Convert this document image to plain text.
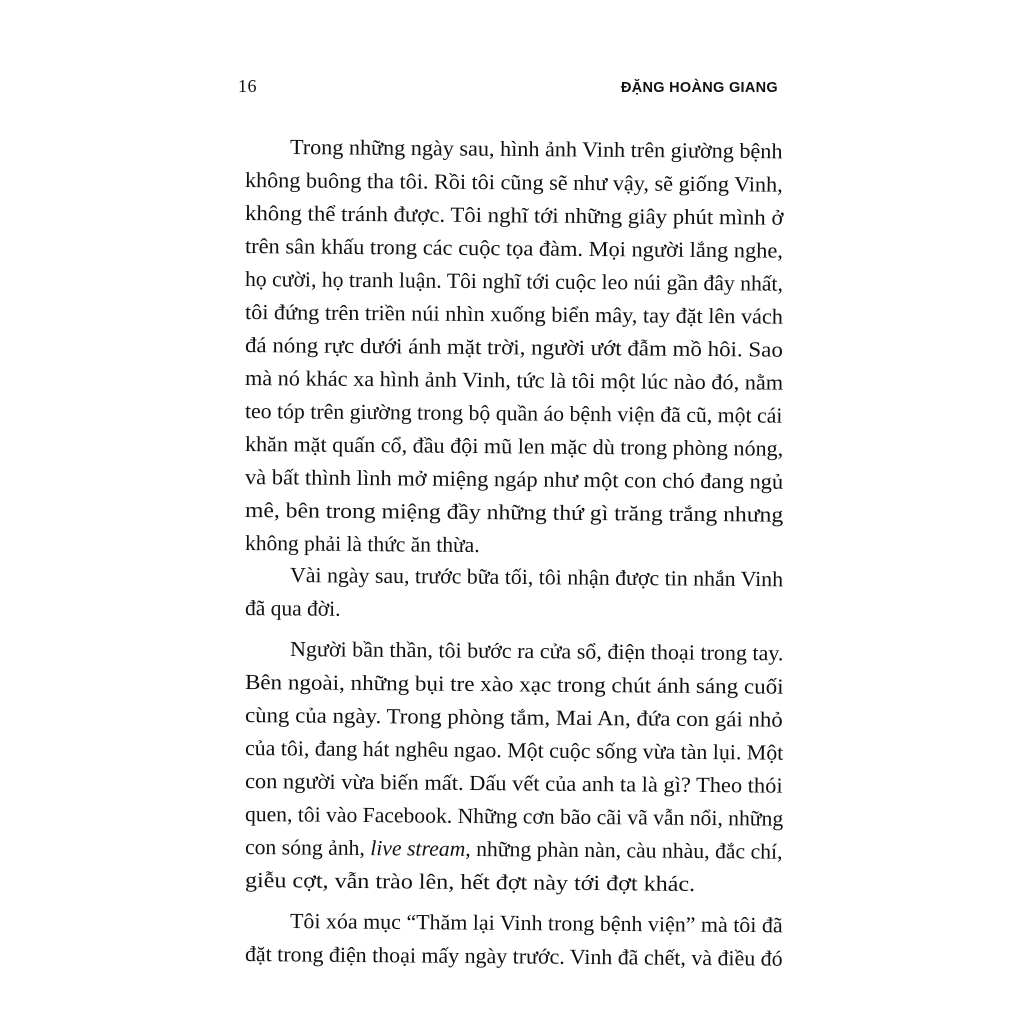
16	ĐẶNG HOÀNG GIANG
Trong những ngày sau, hình ảnh Vinh trên giường bệnh
không buông tha tôi. Rồi tôi cũng sẽ như vậy, sẽ giống Vinh,
không thể tránh được. Tôi nghĩ tới những giây phút mình ở
trên sân khấu trong các cuộc tọa đàm. Mọi người lắng nghe,
họ cười, họ tranh luận. Tôi nghĩ tới cuộc leo núi gần đây nhất,
tôi đứng trên triền núi nhìn xuống biển mây, tay đặt lên vách
đá nóng rực dưới ánh mặt trời, người ướt đẫm mồ hôi. Sao
mà nó khác xa hình ảnh Vinh, tức là tôi một lúc nào đó, nằm
teo tóp trên giường trong bộ quần áo bệnh viện đã cũ, một cái
khăn mặt quấn cổ, đầu đội mũ len mặc dù trong phòng nóng,
và bất thình lình mở miệng ngáp như một con chó đang ngủ
mê, bên trong miệng đầy những thứ gì trăng trắng nhưng
không phải là thức ăn thừa.
Vài ngày sau, trước bữa tối, tôi nhận được tin nhắn Vinh
đã qua đời.
Người bần thần, tôi bước ra cửa sổ, điện thoại trong tay.
Bên ngoài, những bụi tre xào xạc trong chút ánh sáng cuối
cùng của ngày. Trong phòng tắm, Mai An, đứa con gái nhỏ
của tôi, đang hát nghêu ngao. Một cuộc sống vừa tàn lụi. Một
con người vừa biến mất. Dấu vết của anh ta là gì? Theo thói
quen, tôi vào Facebook. Những cơn bão cãi vã vẫn nổi, những
con sóng ảnh, live stream, những phàn nàn, càu nhàu, đắc chí,
giễu cợt, vẫn trào lên, hết đợt này tới đợt khác.
Tôi xóa mục “Thăm lại Vinh trong bệnh viện” mà tôi đã
đặt trong điện thoại mấy ngày trước. Vinh đã chết, và điều đó
